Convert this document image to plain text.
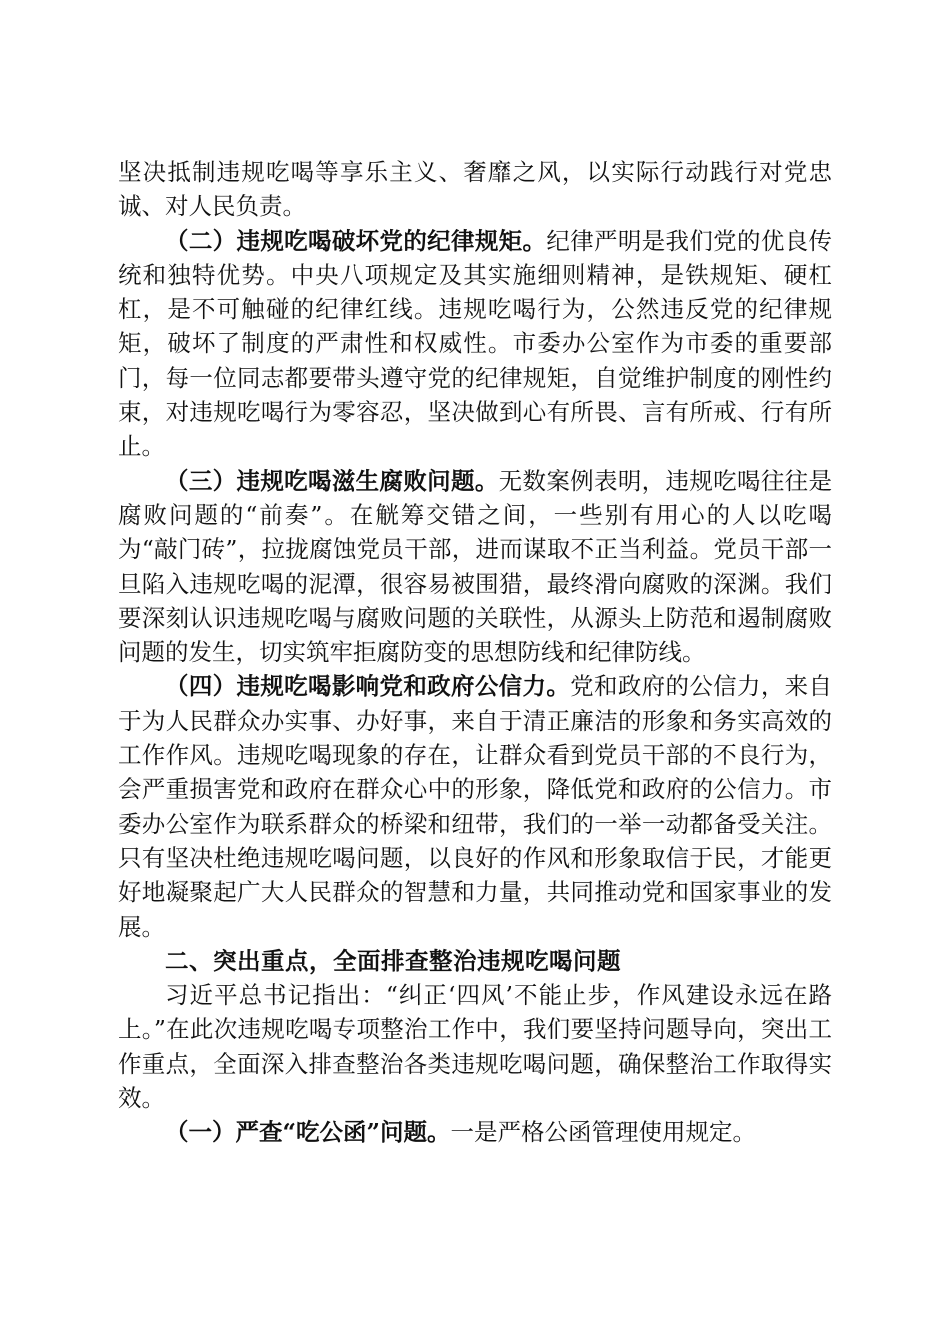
坚决抵制违规吃喝等享乐主义、奢靡之风，以实际行动践行对党忠诚、对人民负责。

（二）违规吃喝破坏党的纪律规矩。纪律严明是我们党的优良传统和独特优势。中央八项规定及其实施细则精神，是铁规矩、硬杠杠，是不可触碰的纪律红线。违规吃喝行为，公然违反党的纪律规矩，破坏了制度的严肃性和权威性。市委办公室作为市委的重要部门，每一位同志都要带头遵守党的纪律规矩，自觉维护制度的刚性约束，对违规吃喝行为零容忍，坚决做到心有所畏、言有所戒、行有所止。

（三）违规吃喝滋生腐败问题。无数案例表明，违规吃喝往往是腐败问题的“前奏”。在觥筹交错之间，一些别有用心的人以吃喝为“敲门砖”，拉拢腐蚀党员干部，进而谋取不正当利益。党员干部一旦陷入违规吃喝的泥潭，很容易被围猎，最终滑向腐败的深渊。我们要深刻认识违规吃喝与腐败问题的关联性，从源头上防范和遏制腐败问题的发生，切实筑牢拒腐防变的思想防线和纪律防线。

（四）违规吃喝影响党和政府公信力。党和政府的公信力，来自于为人民群众办实事、办好事，来自于清正廉洁的形象和务实高效的工作作风。违规吃喝现象的存在，让群众看到党员干部的不良行为，会严重损害党和政府在群众心中的形象，降低党和政府的公信力。市委办公室作为联系群众的桥梁和纽带，我们的一举一动都备受关注。只有坚决杜绝违规吃喝问题，以良好的作风和形象取信于民，才能更好地凝聚起广大人民群众的智慧和力量，共同推动党和国家事业的发展。

二、突出重点，全面排查整治违规吃喝问题

习近平总书记指出：“纠正‘四风’不能止步，作风建设永远在路上。”在此次违规吃喝专项整治工作中，我们要坚持问题导向，突出工作重点，全面深入排查整治各类违规吃喝问题，确保整治工作取得实效。

（一）严查“吃公函”问题。一是严格公函管理使用规定。
